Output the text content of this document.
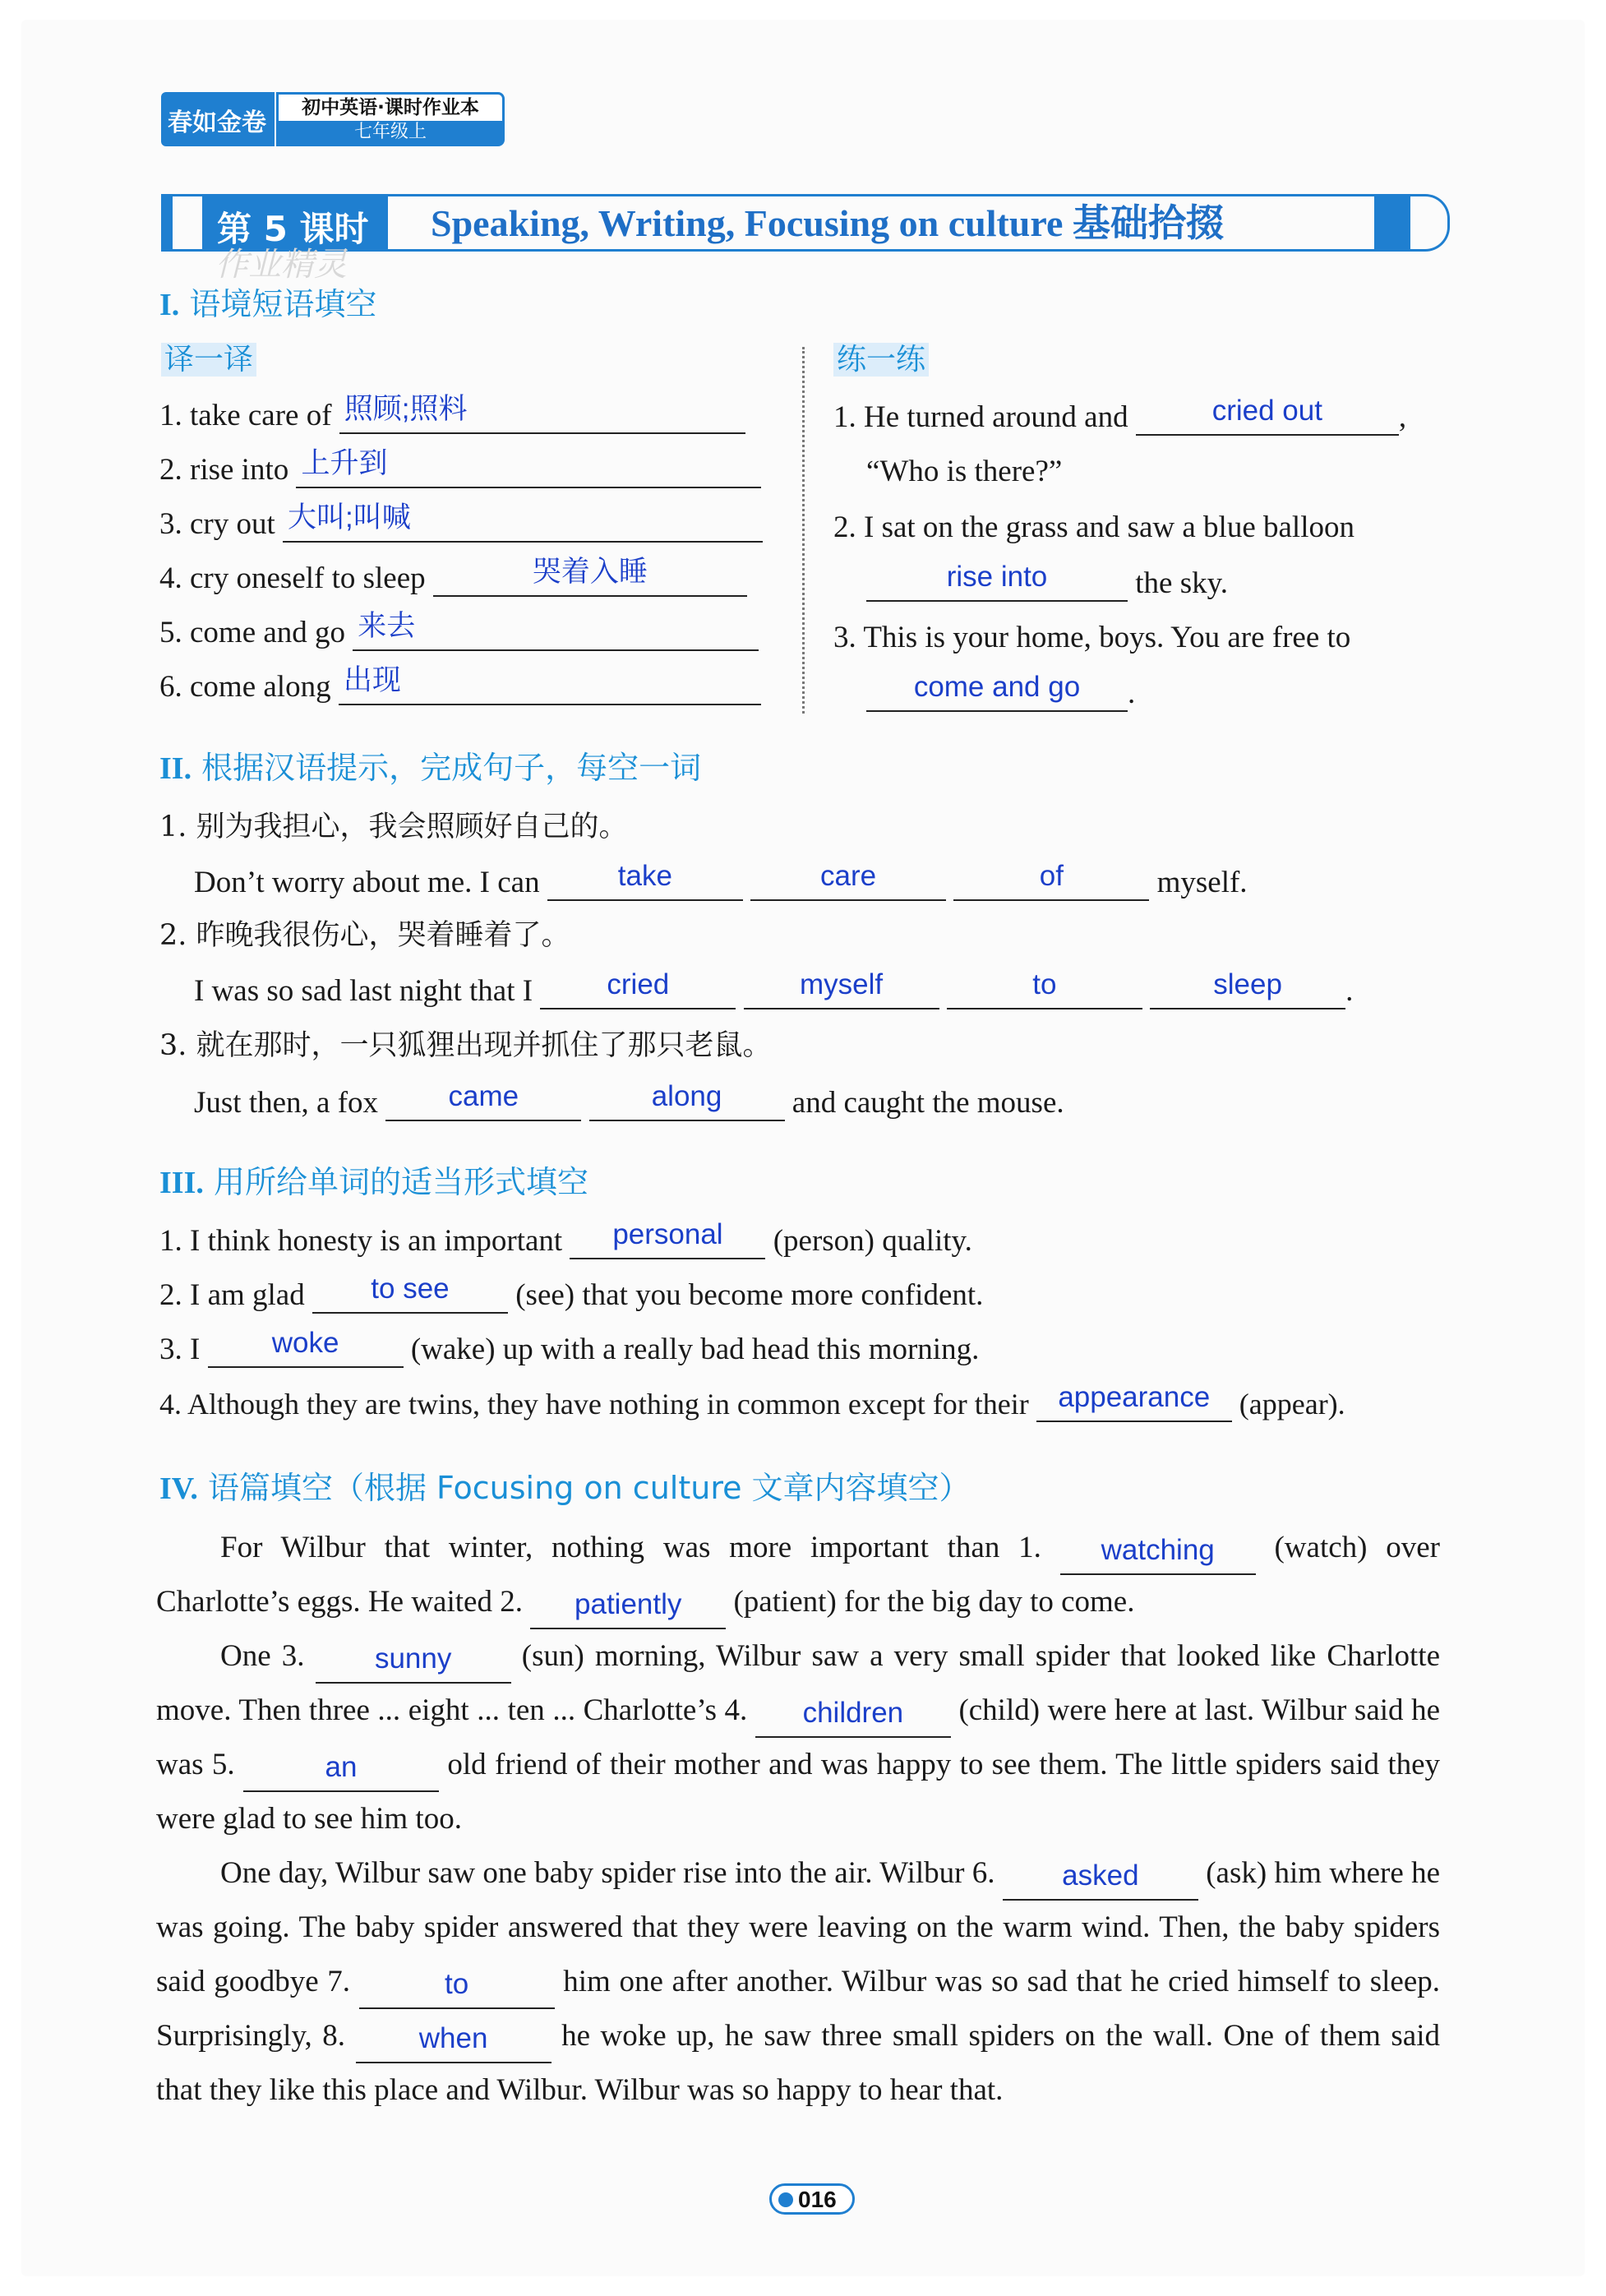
春如金卷
初中英语·课时作业本
七年级上
第 5 课时 Speaking, Writing, Focusing on culture 基础拾掇
作业精灵
I. 语境短语填空
译一译	练一练
1. take care of 照顾;照料
2. rise into 上升到
3. cry out 大叫;叫喊
4. cry oneself to sleep	哭着入睡
5. come and go 来去
6. come along 出现
1. He turned around and	cried out	,
“Who is there?”
2. I sat on the grass and saw a blue balloon
rise into	the sky.
3. This is your home, boys. You are free to
come and go	.
II. 根据汉语提示，完成句子，每空一词
1. 别为我担心，我会照顾好自己的。
Don’t worry about me. I can	take
	care
	of	myself.
2. 昨晚我很伤心，哭着睡着了。
I was so sad last night that I	cried
	myself
	to
	sleep	.
3. 就在那时，一只狐狸出现并抓住了那只老鼠。
Just then, a fox	came
	along	and caught the mouse.
III. 用所给单词的适当形式填空
1. I think honesty is an important	personal	(person) quality.
2. I am glad	to see	(see) that you become more confident.
3. I	woke	(wake) up with a really bad head this morning.
4. Although they are twins, they have nothing in common except for their	appearance (appear).
IV. 语篇填空（根据 Focusing on culture 文章内容填空）
For Wilbur that winter, nothing was more important than 1.	watching	(watch) over Charlotte’s eggs. He waited 2.	patiently	(patient) for the big day to come.
One 3.	sunny	(sun) morning, Wilbur saw a very small spider that looked like Charlotte move. Then three ... eight ... ten ... Charlotte’s 4.	children	(child) were here at last. Wilbur said he was 5.	an	old friend of their mother and was happy to see them. The little spiders said they were glad to see him too.
One day, Wilbur saw one baby spider rise into the air. Wilbur 6.	asked	(ask) him where he was going. The baby spider answered that they were leaving on the warm wind. Then, the baby spiders said goodbye 7.	to	him one after another. Wilbur was so sad that he cried himself to sleep. Surprisingly, 8.	when	he woke up, he saw three small spiders on the wall. One of them said that they like this place and Wilbur. Wilbur was so happy to hear that.
016
